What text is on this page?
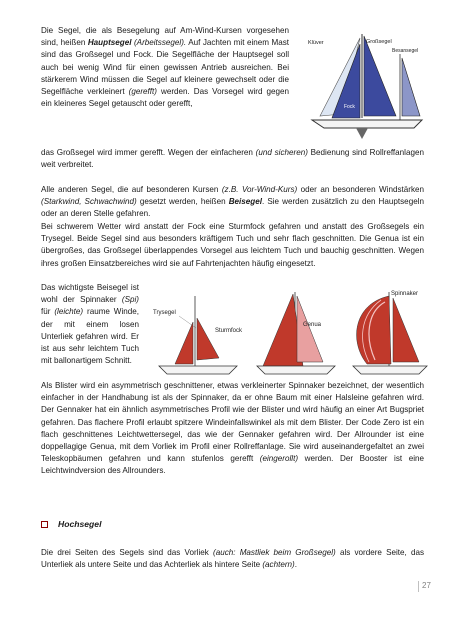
Die Segel, die als Besegelung auf Am-Wind-Kursen vorgesehen sind, heißen Hauptsegel (Arbeitssegel). Auf Jachten mit einem Mast sind das Großsegel und Fock. Die Segelfläche der Hauptsegel soll auch bei wenig Wind für einen gewissen Antrieb ausreichen. Bei stärkerem Wind müssen die Segel auf kleinere gewechselt oder die Segelfläche verkleinert (gerefft) werden. Das Vorsegel wird gegen ein kleineres Segel getauscht oder gerefft,

Klüver	Großsegel
Besansegel
Fock

das Großsegel wird immer gerefft. Wegen der einfacheren (und sicheren) Bedienung sind Rollreffanlagen weit verbreitet.

Alle anderen Segel, die auf besonderen Kursen (z.B. Vor-Wind-Kurs) oder an besonderen Windstärken (Starkwind, Schwachwind) gesetzt werden, heißen Beisegel. Sie werden zusätzlich zu den Hauptsegeln oder an deren Stelle gefahren.

Bei schwerem Wetter wird anstatt der Fock eine Sturmfock gefahren und anstatt des Großsegels ein Trysegel. Beide Segel sind aus besonders kräftigem Tuch und sehr flach geschnitten. Die Genua ist ein übergroßes, das Großsegel überlappendes Vorsegel aus leichtem Tuch und bauchig geschnitten. Wegen ihres großen Einsatzbereiches wird sie auf Fahrtenjachten häufig eingesetzt.

Das wichtigste Beisegel ist wohl der Spinnaker (Spi) für (leichte) raume Winde, der mit einem losen Unterliek gefahren wird. Er ist aus sehr leichtem Tuch mit ballonartigem Schnitt.

Trysegel
Sturmfock
Genua
Spinnaker

Als Blister wird ein asymmetrisch geschnittener, etwas verkleinerter Spinnaker bezeichnet, der wesentlich einfacher in der Handhabung ist als der Spinnaker, da er ohne Baum mit einer Halsleine gefahren wird. Der Gennaker hat ein ähnlich asymmetrisches Profil wie der Blister und wird häufig an einer Art Bugspriet gefahren. Das flachere Profil erlaubt spitzere Windeinfallswinkel als mit dem Blister. Der Code Zero ist ein flach geschnittenes Leichtwettersegel, das wie der Gennaker gefahren wird. Der Allrounder ist eine doppellagige Genua, mit dem Vorliek im Profil einer Rollreffanlage. Sie wird auseinandergefaltet an zwei Teleskopbäumen gefahren und kann stufenlos gerefft (eingerollt) werden. Der Booster ist eine Leichtwindversion des Allrounders.

Hochsegel

Die drei Seiten des Segels sind das Vorliek (auch: Mastliek beim Großsegel) als vordere Seite, das Unterliek als untere Seite und das Achterliek als hintere Seite (achtern).

27
